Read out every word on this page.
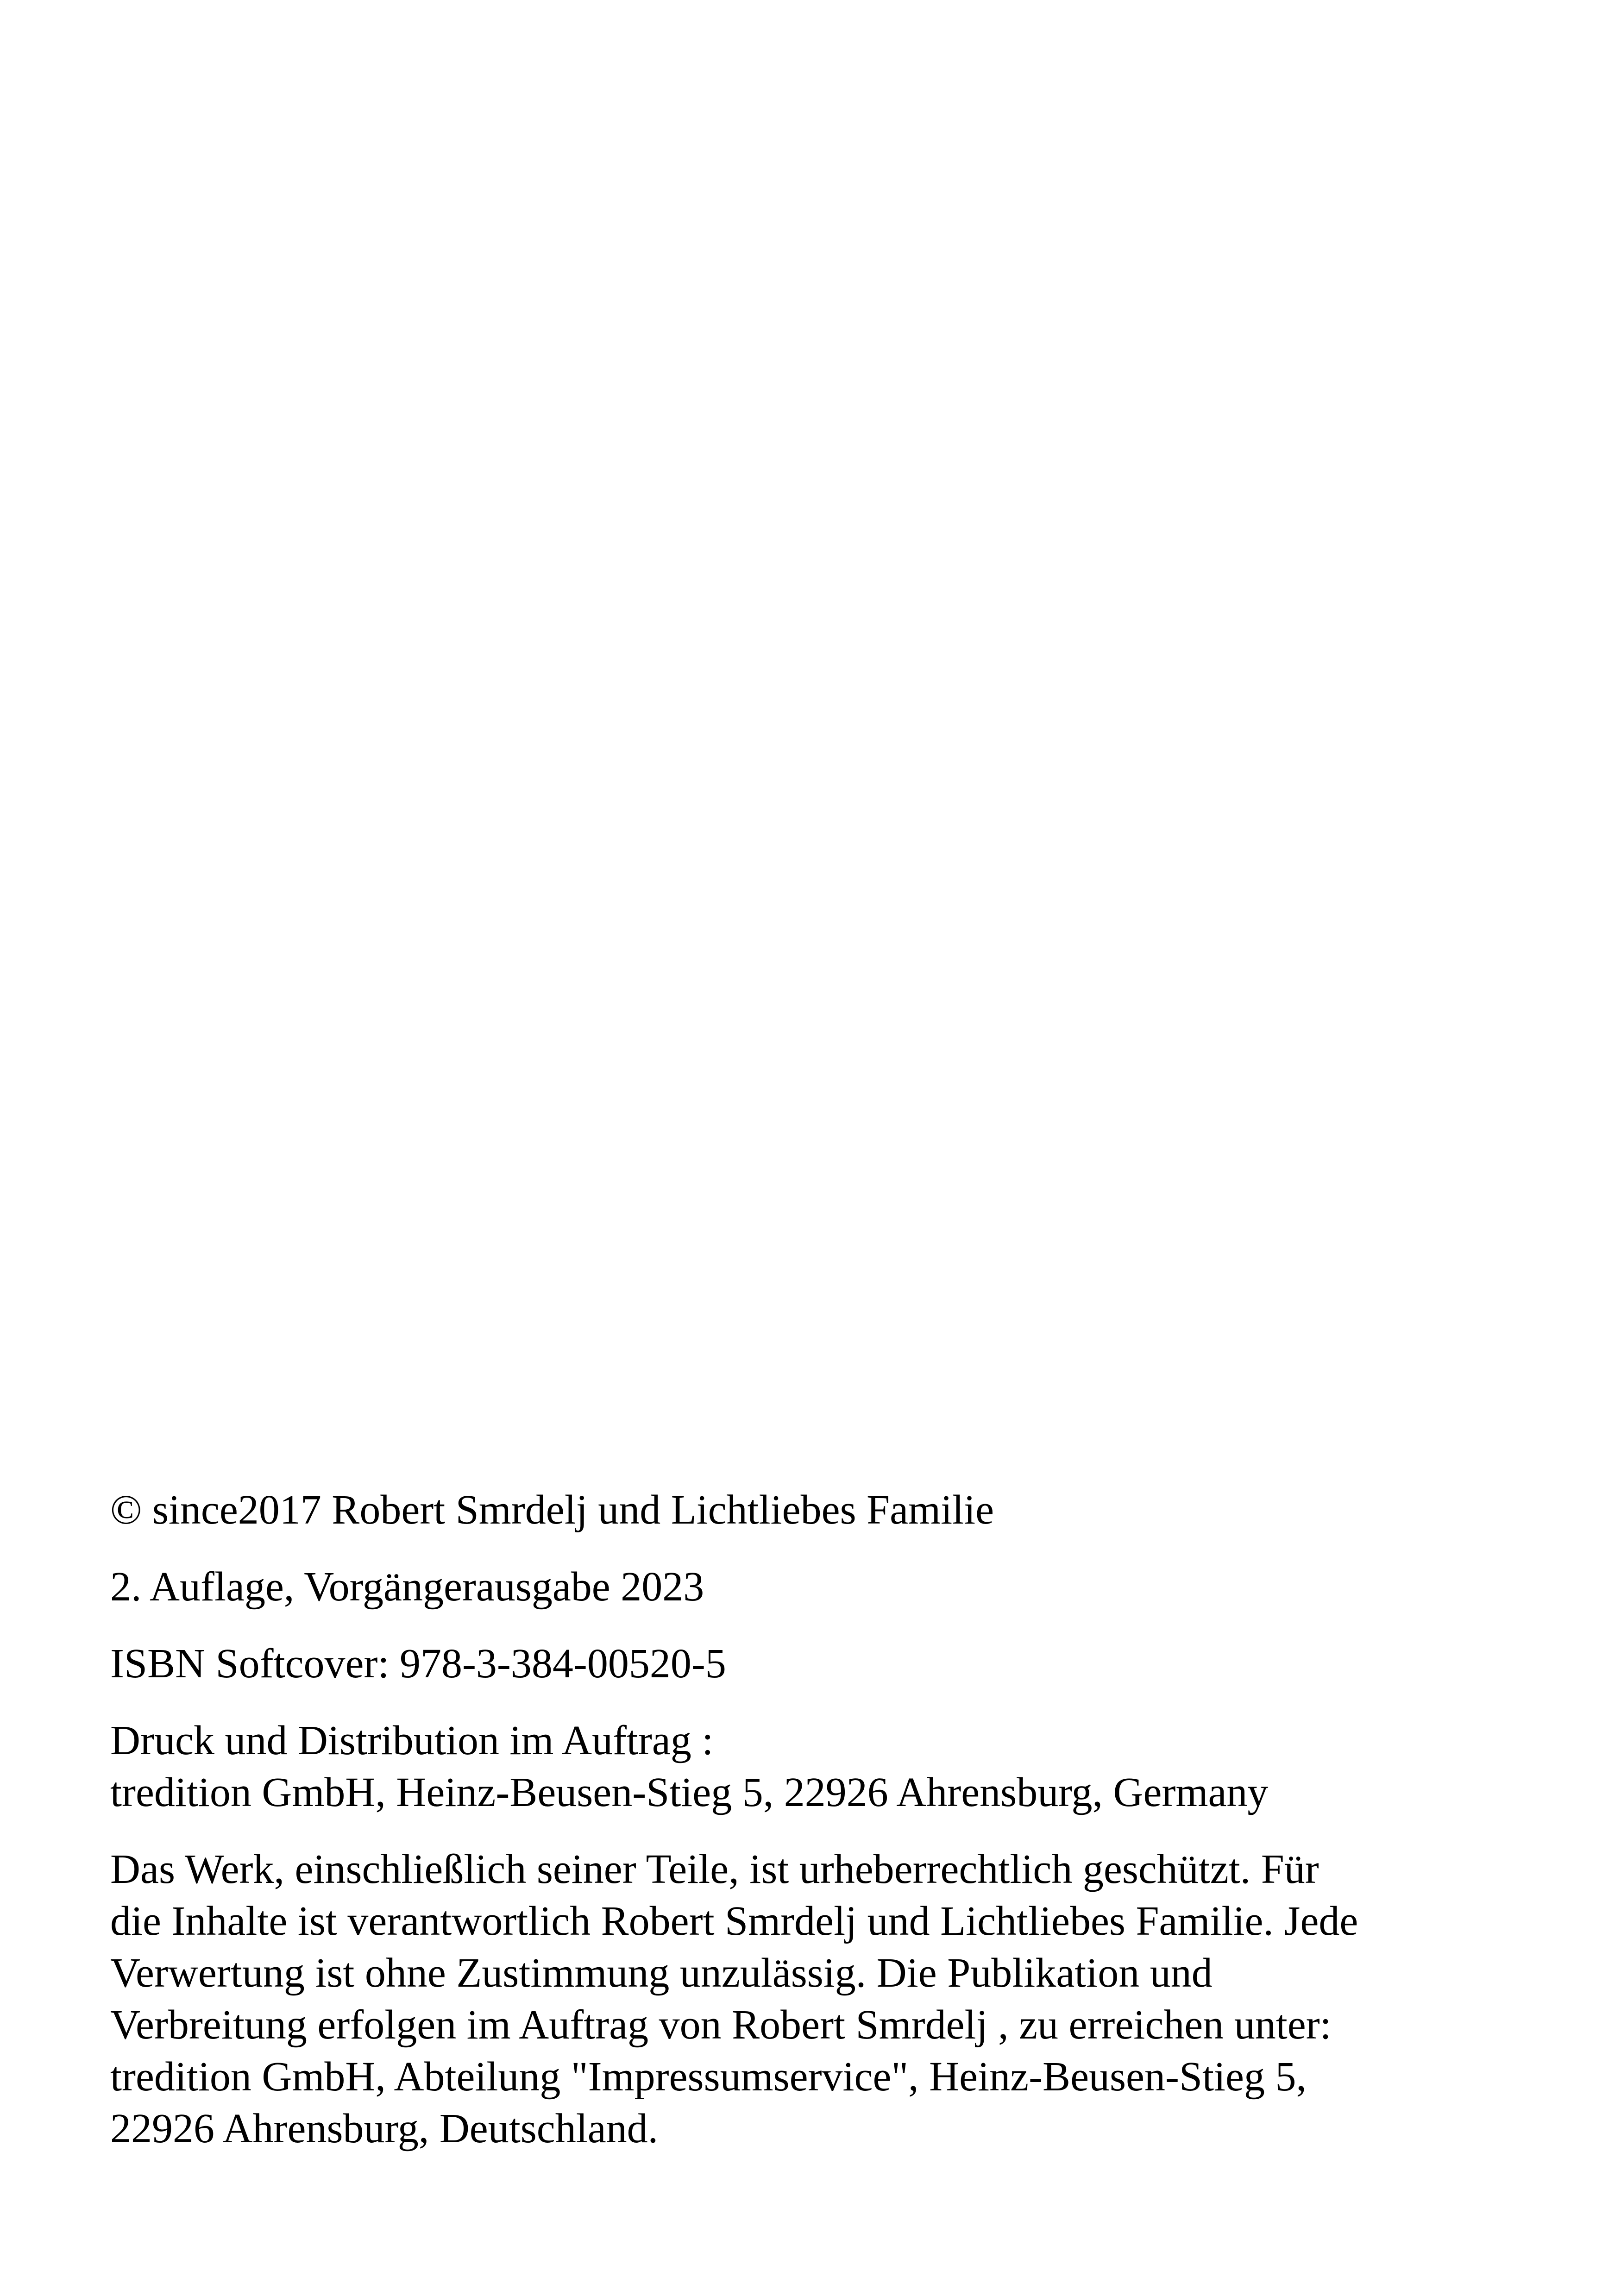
© since2017 Robert Smrdelj und Lichtliebes Familie

2. Auflage, Vorgängerausgabe 2023

ISBN Softcover: 978-3-384-00520-5

Druck und Distribution im Auftrag :
tredition GmbH, Heinz-Beusen-Stieg 5, 22926 Ahrensburg, Germany

Das Werk, einschließlich seiner Teile, ist urheberrechtlich geschützt. Für
die Inhalte ist verantwortlich Robert Smrdelj und Lichtliebes Familie. Jede
Verwertung ist ohne Zustimmung unzulässig. Die Publikation und
Verbreitung erfolgen im Auftrag von Robert Smrdelj , zu erreichen unter:
tredition GmbH, Abteilung "Impressumservice", Heinz-Beusen-Stieg 5,
22926 Ahrensburg, Deutschland.
